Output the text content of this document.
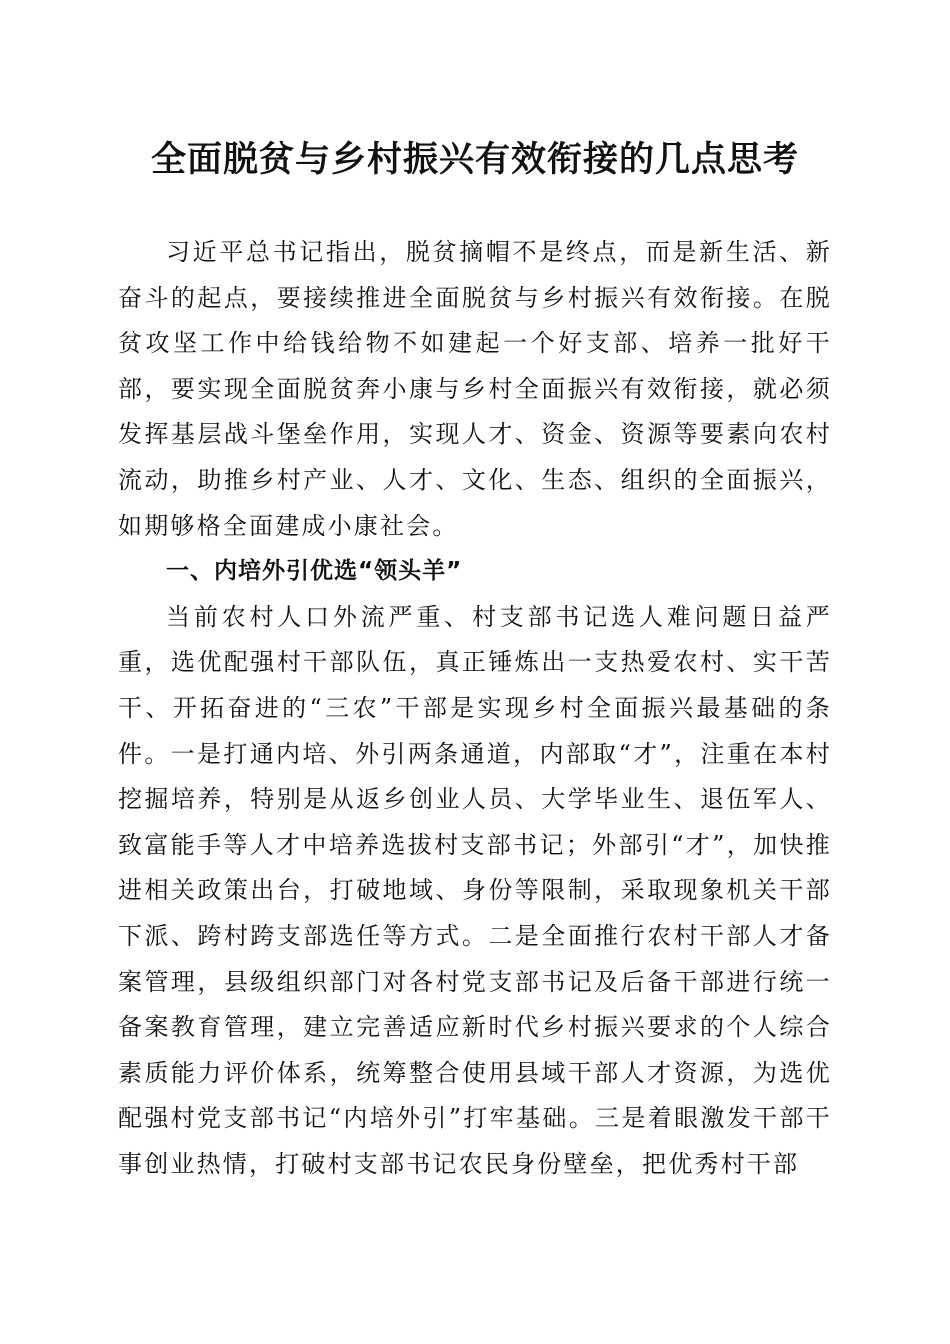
全面脱贫与乡村振兴有效衔接的几点思考

习近平总书记指出，脱贫摘帽不是终点，而是新生活、新奋斗的起点，要接续推进全面脱贫与乡村振兴有效衔接。在脱贫攻坚工作中给钱给物不如建起一个好支部、培养一批好干部，要实现全面脱贫奔小康与乡村全面振兴有效衔接，就必须发挥基层战斗堡垒作用，实现人才、资金、资源等要素向农村流动，助推乡村产业、人才、文化、生态、组织的全面振兴，如期够格全面建成小康社会。

一、内培外引优选“领头羊”

当前农村人口外流严重、村支部书记选人难问题日益严重，选优配强村干部队伍，真正锤炼出一支热爱农村、实干苦干、开拓奋进的“三农”干部是实现乡村全面振兴最基础的条件。一是打通内培、外引两条通道，内部取“才”，注重在本村挖掘培养，特别是从返乡创业人员、大学毕业生、退伍军人、致富能手等人才中培养选拔村支部书记；外部引“才”，加快推进相关政策出台，打破地域、身份等限制，采取现象机关干部下派、跨村跨支部选任等方式。二是全面推行农村干部人才备案管理，县级组织部门对各村党支部书记及后备干部进行统一备案教育管理，建立完善适应新时代乡村振兴要求的个人综合素质能力评价体系，统筹整合使用县域干部人才资源，为选优配强村党支部书记“内培外引”打牢基础。三是着眼激发干部干事创业热情，打破村支部书记农民身份壁垒，把优秀村干部
